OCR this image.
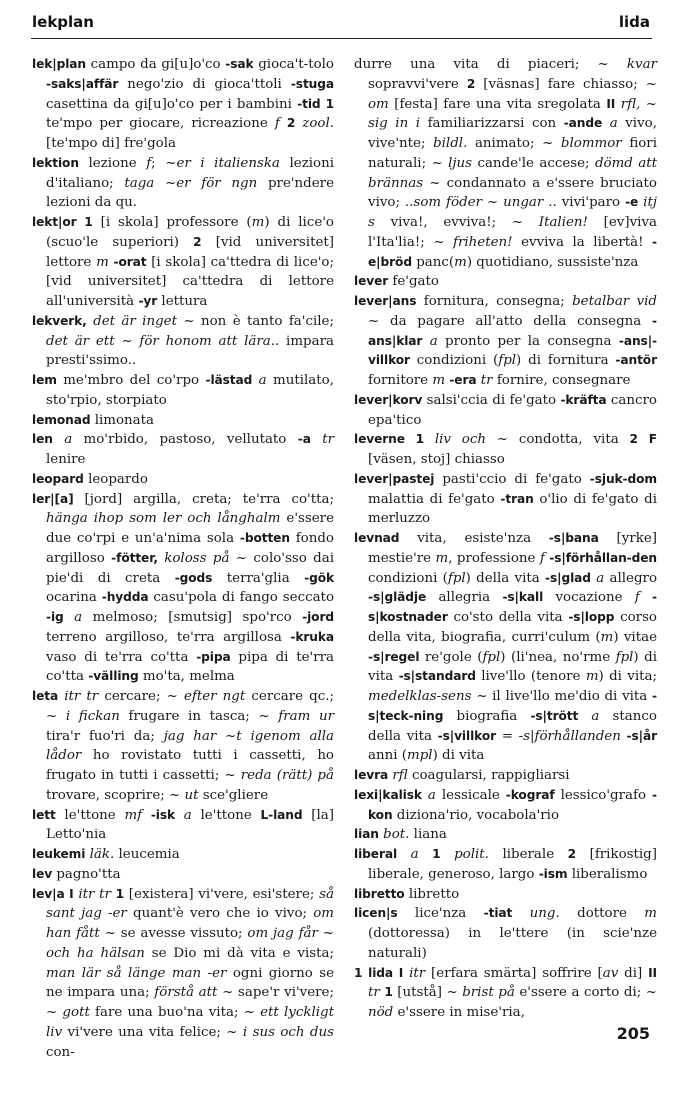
lekplan	lida

lek|plan campo da gi[u]o'co -sak gioca't-tolo -saks|affär nego'zio di gioca'ttoli -stuga casettina da gi[u]o'co per i bambini -tid 1 te'mpo per giocare, ricreazione f 2 zool. [te'mpo di] fre'gola

lektion lezione f; ~er i italienska lezioni d'italiano; taga ~er för ngn pre'ndere lezioni da qu.

lekt|or 1 [i skola] professore (m) di lice'o (scuo'le superiori) 2 [vid universitet] lettore m -orat [i skola] ca'ttedra di lice'o; [vid universitet] ca'ttedra di lettore all'università -yr lettura

lekverk, det är inget ~ non è tanto fa'cile; det är ett ~ för honom att lära.. impara presti'ssimo..

lem me'mbro del co'rpo -lästad a mutilato, sto'rpio, storpiato

lemonad limonata

len a mo'rbido, pastoso, vellutato -a tr lenire

leopard leopardo

ler|[a] [jord] argilla, creta; te'rra co'tta; hänga ihop som ler och långhalm e'ssere due co'rpi e un'a'nima sola -botten fondo argilloso -fötter, koloss på ~ colo'sso dai pie'di di creta -gods terra'glia -gök ocarina -hydda casu'pola di fango seccato -ig a melmoso; [smutsig] spo'rco -jord terreno argilloso, te'rra argillosa -kruka vaso di te'rra co'tta -pipa pipa di te'rra co'tta -välling mo'ta, melma

leta itr tr cercare; ~ efter ngt cercare qc.; ~ i fickan frugare in tasca; ~ fram ur tira'r fuo'ri da; jag har ~t igenom alla lådor ho rovistato tutti i cassetti, ho frugato in tutti i cassetti; ~ reda (rätt) på trovare, scoprire; ~ ut sce'gliere

lett le'ttone mf -isk a le'ttone L-land [la] Letto'nia

leukemi läk. leucemia

lev pagno'tta

lev|a I itr tr 1 [existera] vi'vere, esi'stere; så sant jag -er quant'è vero che io vivo; om han fått ~ se avesse vissuto; om jag får ~ och ha hälsan se Dio mi dà vita e vista; man lär så länge man -er ogni giorno se ne impara una; förstå att ~ sape'r vi'vere; ~ gott fare una buo'na vita; ~ ett lyckligt liv vi'vere una vita felice; ~ i sus och dus con-

durre una vita di piaceri; ~ kvar sopravvi'vere 2 [väsnas] fare chiasso; ~ om [festa] fare una vita sregolata II rfl, ~ sig in i familiarizzarsi con -ande a vivo, vive'nte; bildl. animato; ~ blommor fiori naturali; ~ ljus cande'le accese; dömd att brännas ~ condannato a e'ssere bruciato vivo; ..som föder ~ ungar .. vivi'paro -e itj s viva!, evviva!; ~ Italien! [ev]viva l'Ita'lia!; ~ friheten! evviva la libertà! -e|bröd panc(m) quotidiano, sussiste'nza

lever fe'gato

lever|ans fornitura, consegna; betalbar vid ~ da pagare all'atto della consegna -ans|klar a pronto per la consegna -ans|-villkor condizioni (fpl) di fornitura -antör fornitore m -era tr fornire, consegnare

lever|korv salsi'ccia di fe'gato -kräfta cancro epa'tico

leverne 1 liv och ~ condotta, vita 2 F [väsen, stoj] chiasso

lever|pastej pasti'ccio di fe'gato -sjuk-dom malattia di fe'gato -tran o'lio di fe'gato di merluzzo

levnad vita, esiste'nza -s|bana [yrke] mestie're m, professione f -s|förhållan-den condizioni (fpl) della vita -s|glad a allegro -s|glädje allegria -s|kall vocazione f -s|kostnader co'sto della vita -s|lopp corso della vita, biografia, curri'culum (m) vitae -s|regel re'gole (fpl) (li'nea, no'rme fpl) di vita -s|standard live'llo (tenore m) di vita; medelklas-sens ~ il live'llo me'dio di vita -s|teck-ning biografia -s|trött a stanco della vita -s|villkor = -s|förhållanden -s|år anni (mpl) di vita

levra rfl coagularsi, rappigliarsi

lexi|kalisk a lessicale -kograf lessico'grafo -kon diziona'rio, vocabola'rio

lian bot. liana

liberal a 1 polit. liberale 2 [frikostig] liberale, generoso, largo -ism liberalismo

libretto libretto

licen|s lice'nza -tiat ung. dottore m (dottoressa) in le'ttere (in scie'nze naturali)

1 lida I itr [erfara smärta] soffrire [av di] II tr 1 [utstå] ~ brist på e'ssere a corto di; ~ nöd e'ssere in mise'ria,

205
